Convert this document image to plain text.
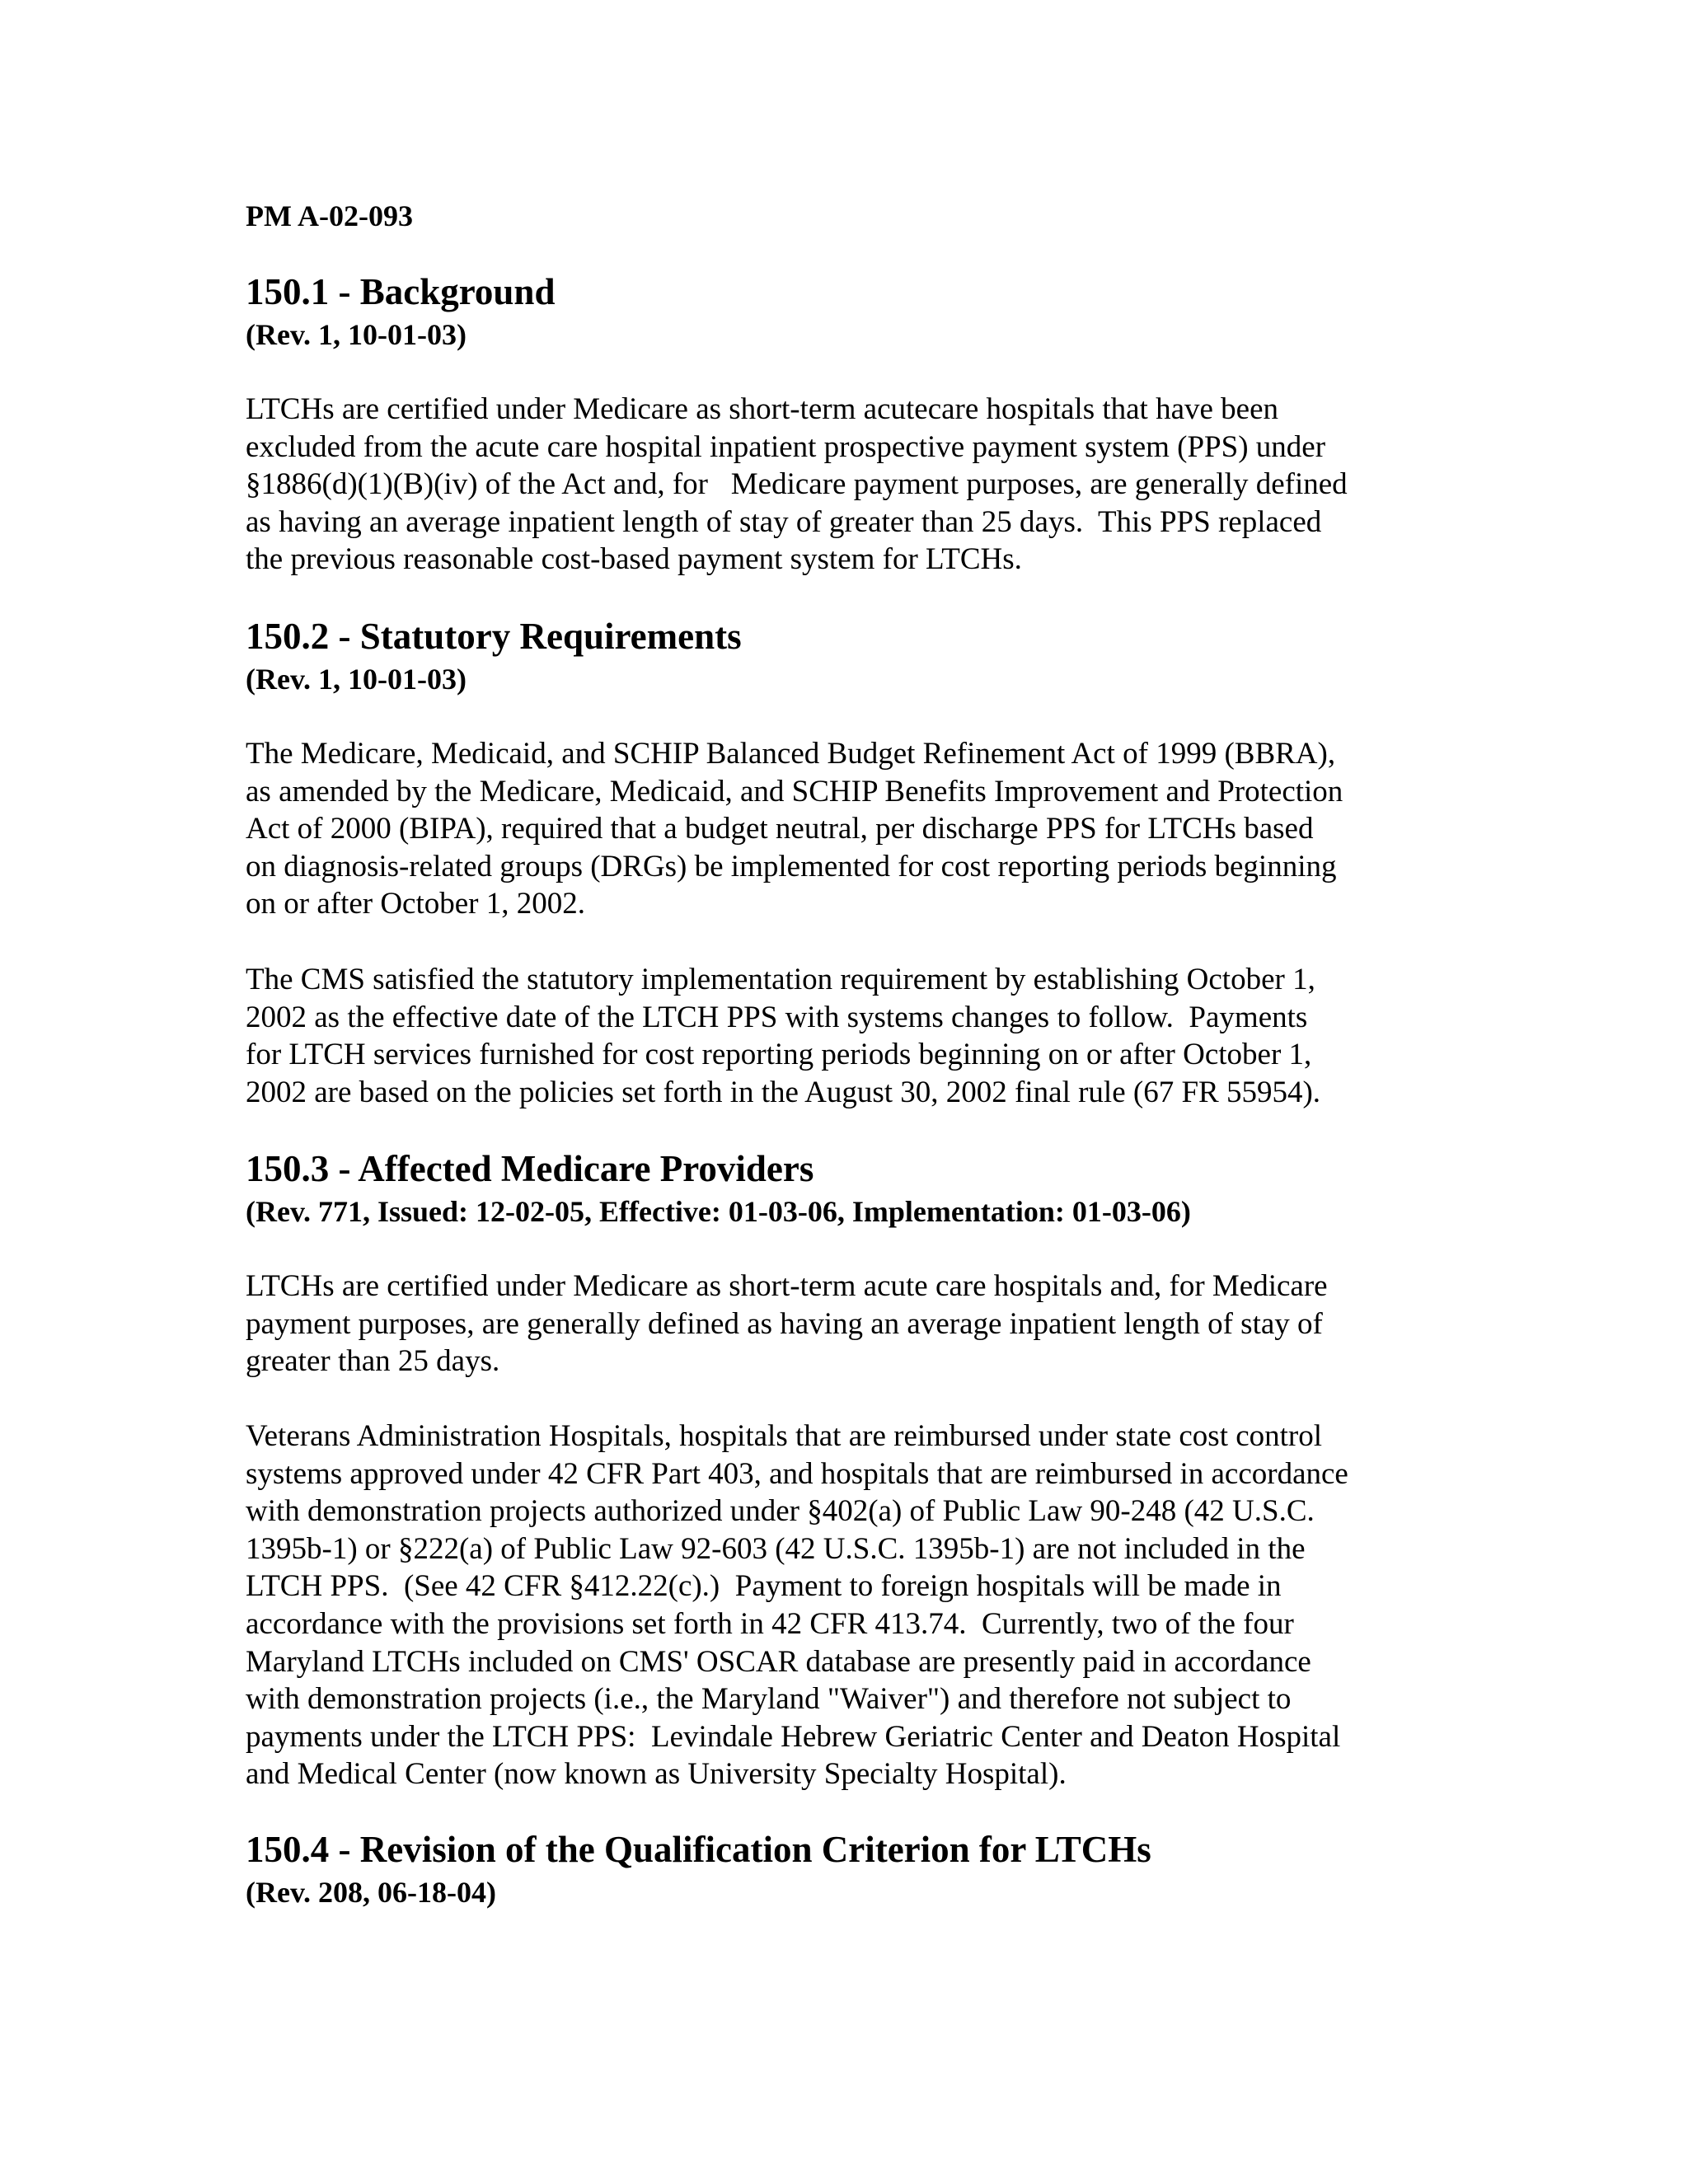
PM A-02-093
150.1 - Background
(Rev. 1, 10-01-03)
LTCHs are certified under Medicare as short-term acutecare hospitals that have been
excluded from the acute care hospital inpatient prospective payment system (PPS) under
§1886(d)(1)(B)(iv) of the Act and, for   Medicare payment purposes, are generally defined
as having an average inpatient length of stay of greater than 25 days.  This PPS replaced
the previous reasonable cost-based payment system for LTCHs.
150.2 - Statutory Requirements
(Rev. 1, 10-01-03)
The Medicare, Medicaid, and SCHIP Balanced Budget Refinement Act of 1999 (BBRA),
as amended by the Medicare, Medicaid, and SCHIP Benefits Improvement and Protection
Act of 2000 (BIPA), required that a budget neutral, per discharge PPS for LTCHs based
on diagnosis-related groups (DRGs) be implemented for cost reporting periods beginning
on or after October 1, 2002.
The CMS satisfied the statutory implementation requirement by establishing October 1,
2002 as the effective date of the LTCH PPS with systems changes to follow.  Payments
for LTCH services furnished for cost reporting periods beginning on or after October 1,
2002 are based on the policies set forth in the August 30, 2002 final rule (67 FR 55954).
150.3 - Affected Medicare Providers
(Rev. 771, Issued: 12-02-05, Effective: 01-03-06, Implementation: 01-03-06)
LTCHs are certified under Medicare as short-term acute care hospitals and, for Medicare
payment purposes, are generally defined as having an average inpatient length of stay of
greater than 25 days.
Veterans Administration Hospitals, hospitals that are reimbursed under state cost control
systems approved under 42 CFR Part 403, and hospitals that are reimbursed in accordance
with demonstration projects authorized under §402(a) of Public Law 90-248 (42 U.S.C.
1395b-1) or §222(a) of Public Law 92-603 (42 U.S.C. 1395b-1) are not included in the
LTCH PPS.  (See 42 CFR §412.22(c).)  Payment to foreign hospitals will be made in
accordance with the provisions set forth in 42 CFR 413.74.  Currently, two of the four
Maryland LTCHs included on CMS' OSCAR database are presently paid in accordance
with demonstration projects (i.e., the Maryland "Waiver") and therefore not subject to
payments under the LTCH PPS:  Levindale Hebrew Geriatric Center and Deaton Hospital
and Medical Center (now known as University Specialty Hospital).
150.4 - Revision of the Qualification Criterion for LTCHs
(Rev. 208, 06-18-04)
